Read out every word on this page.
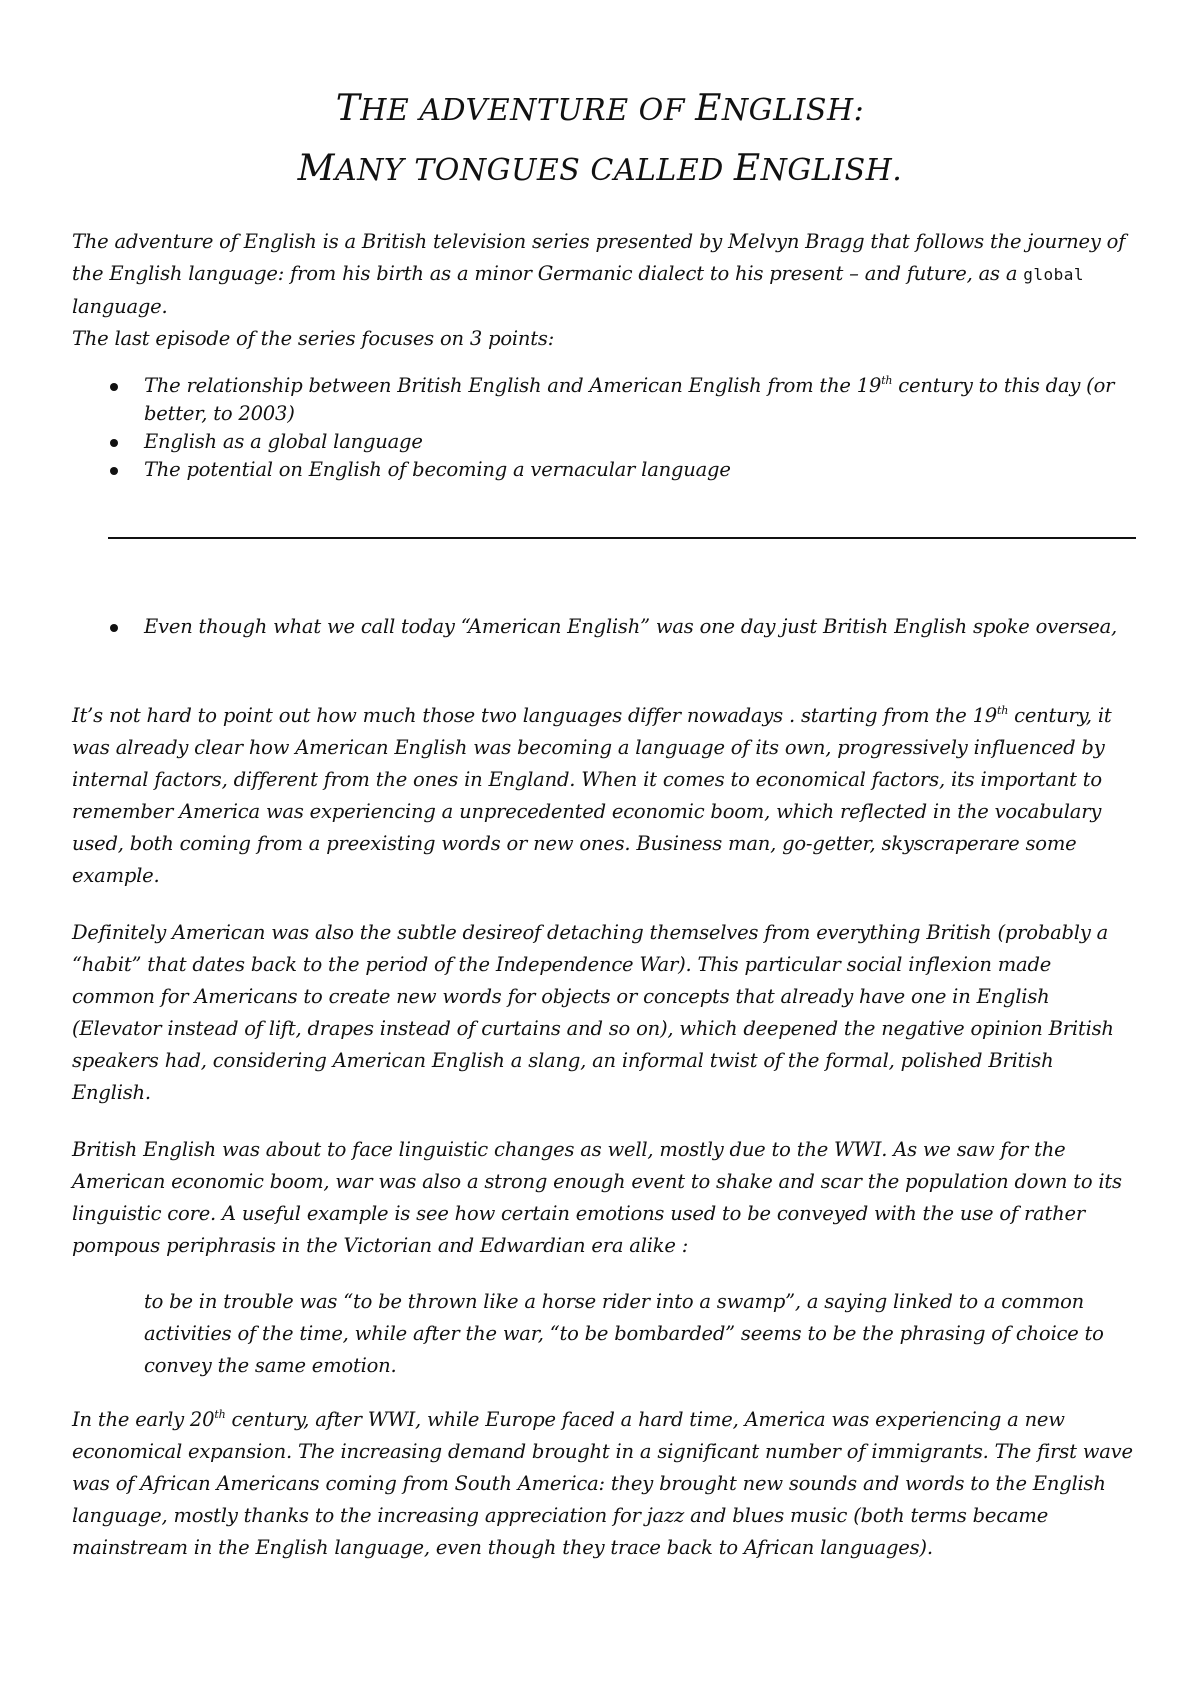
THE ADVENTURE OF ENGLISH:
MANY TONGUES CALLED ENGLISH.
The adventure of English is a British television series presented by Melvyn Bragg that follows the journey of the English language: from his birth as a minor Germanic dialect to his present – and future, as a global language.
The last episode of the series focuses on 3 points:
The relationship between British English and American English from the 19th century to this day (or better, to 2003)
English as a global language
The potential on English of becoming a vernacular language
Even though what we call today “American English” was one day just British English spoke oversea,

It’s not hard to point out how much those two languages differ nowadays . starting from the 19th century, it was already clear how American English was becoming a language of its own, progressively influenced by internal factors, different from the ones in England. When it comes to economical factors, its important to remember America was experiencing a unprecedented economic boom, which reflected in the vocabulary used, both coming from a preexisting words or new ones. Business man, go-getter, skyscraperare some example.

Definitely American was also the subtle desireof detaching themselves from everything British (probably a “habit” that dates back to the period of the Independence War). This particular social inflexion made common for Americans to create new words for objects or concepts that already have one in English (Elevator instead of lift, drapes instead of curtains and so on), which deepened the negative opinion British speakers had, considering American English a slang, an informal twist of the formal, polished British English.

British English was about to face linguistic changes as well, mostly due to the WWI. As we saw for the American economic boom, war was also a strong enough event to shake and scar the population down to its linguistic core. A useful example is see how certain emotions used to be conveyed with the use of rather pompous periphrasis in the Victorian and Edwardian era alike :

to be in trouble was “to be thrown like a horse rider into a swamp”, a saying linked to a common activities of the time, while after the war, “to be bombarded” seems to be the phrasing of choice to convey the same emotion.

In the early 20th century, after WWI, while Europe faced a hard time, America was experiencing a new economical expansion. The increasing demand brought in a significant number of immigrants. The first wave was of African Americans coming from South America: they brought new sounds and words to the English language, mostly thanks to the increasing appreciation for jazz and blues music (both terms became mainstream in the English language, even though they trace back to African languages).
